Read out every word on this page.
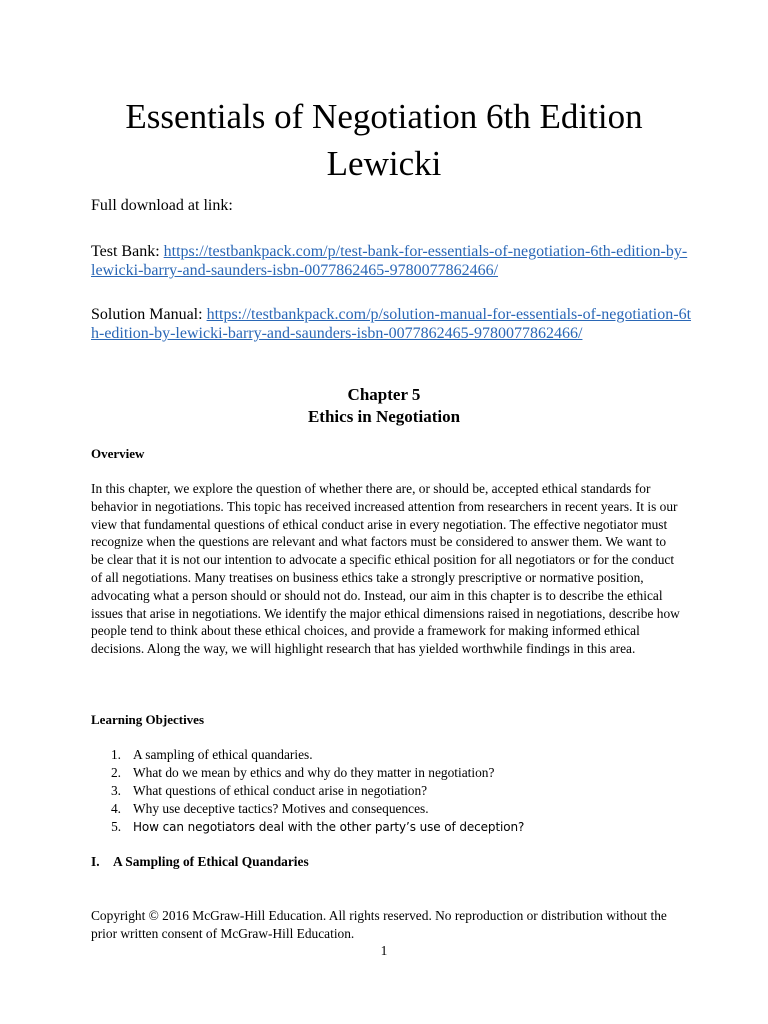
Essentials of Negotiation 6th Edition
Lewicki
Full download at link:
Test Bank: https://testbankpack.com/p/test-bank-for-essentials-of-negotiation-6th-edition-by-lewicki-barry-and-saunders-isbn-0077862465-9780077862466/
Solution Manual: https://testbankpack.com/p/solution-manual-for-essentials-of-negotiation-6th-edition-by-lewicki-barry-and-saunders-isbn-0077862465-9780077862466/
Chapter 5
Ethics in Negotiation
Overview
In this chapter, we explore the question of whether there are, or should be, accepted ethical standards for behavior in negotiations. This topic has received increased attention from researchers in recent years. It is our view that fundamental questions of ethical conduct arise in every negotiation. The effective negotiator must recognize when the questions are relevant and what factors must be considered to answer them. We want to be clear that it is not our intention to advocate a specific ethical position for all negotiators or for the conduct of all negotiations. Many treatises on business ethics take a strongly prescriptive or normative position, advocating what a person should or should not do. Instead, our aim in this chapter is to describe the ethical issues that arise in negotiations. We identify the major ethical dimensions raised in negotiations, describe how people tend to think about these ethical choices, and provide a framework for making informed ethical decisions. Along the way, we will highlight research that has yielded worthwhile findings in this area.
Learning Objectives
1. A sampling of ethical quandaries.
2. What do we mean by ethics and why do they matter in negotiation?
3. What questions of ethical conduct arise in negotiation?
4. Why use deceptive tactics? Motives and consequences.
5.	How can negotiators deal with the other party’s use of deception?
I. A Sampling of Ethical Quandaries
Copyright © 2016 McGraw-Hill Education. All rights reserved. No reproduction or distribution without the prior written consent of McGraw-Hill Education.
1
